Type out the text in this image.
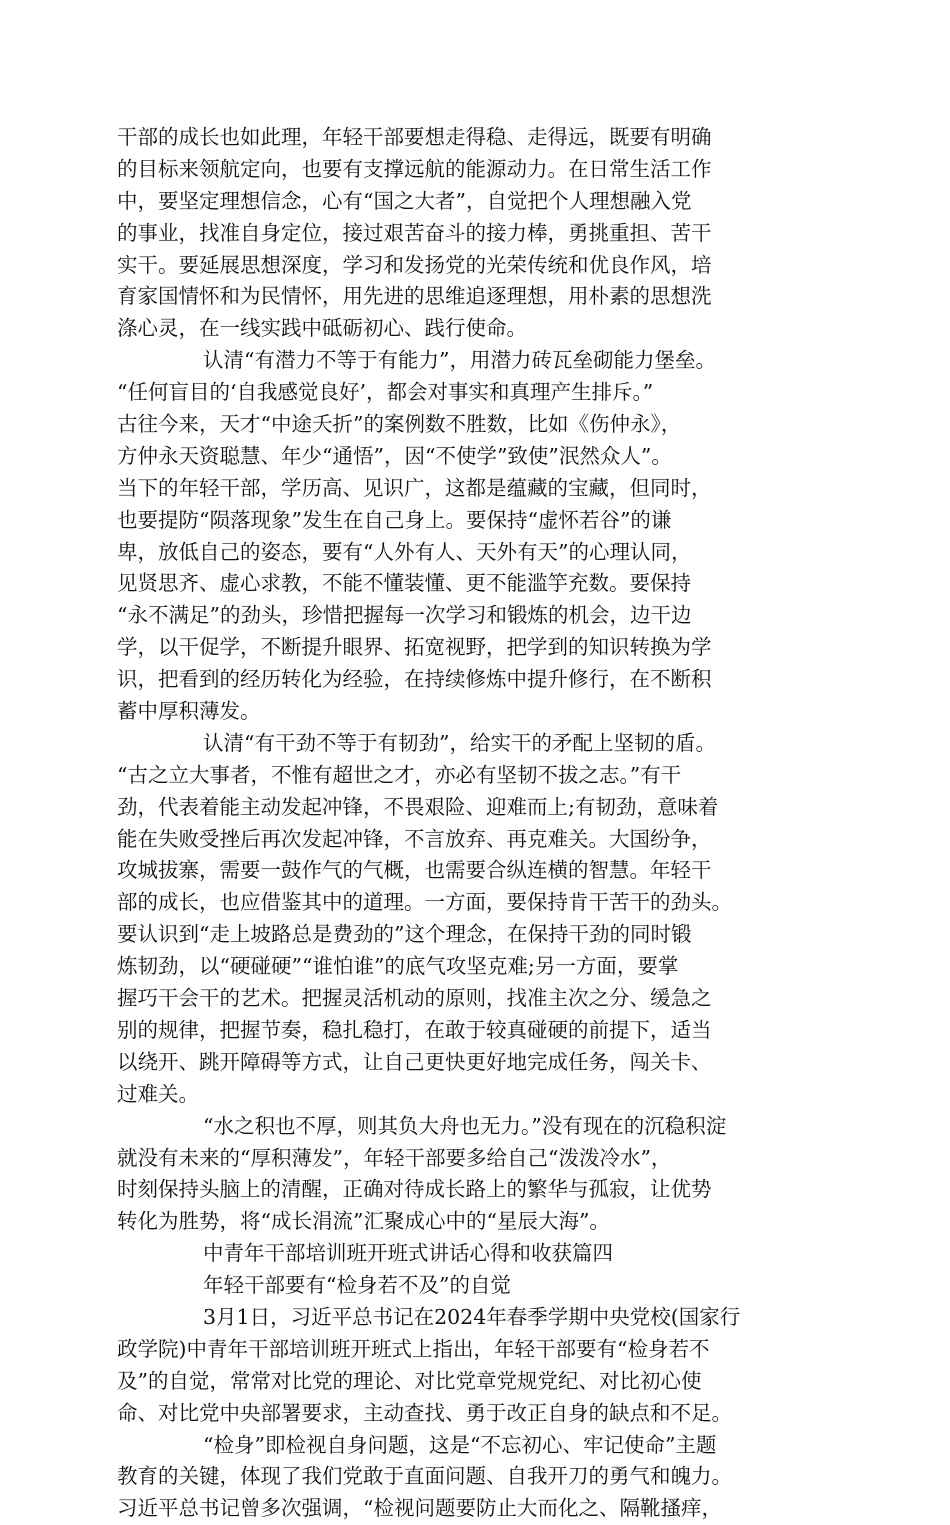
干部的成长也如此理，年轻干部要想走得稳、走得远，既要有明确
的目标来领航定向，也要有支撑远航的能源动力。在日常生活工作
中，要坚定理想信念，心有“国之大者”，自觉把个人理想融入党
的事业，找准自身定位，接过艰苦奋斗的接力棒，勇挑重担、苦干
实干。要延展思想深度，学习和发扬党的光荣传统和优良作风，培
育家国情怀和为民情怀，用先进的思维追逐理想，用朴素的思想洗
涤心灵，在一线实践中砥砺初心、践行使命。
认清“有潜力不等于有能力”，用潜力砖瓦垒砌能力堡垒。
“任何盲目的‘自我感觉良好’，都会对事实和真理产生排斥。”
古往今来，天才“中途夭折”的案例数不胜数，比如《伤仲永》，
方仲永天资聪慧、年少“通悟”，因“不使学”致使”泯然众人”。
当下的年轻干部，学历高、见识广，这都是蕴藏的宝藏，但同时，
也要提防“陨落现象”发生在自己身上。要保持“虚怀若谷”的谦
卑，放低自己的姿态，要有“人外有人、天外有天”的心理认同，
见贤思齐、虚心求教，不能不懂装懂、更不能滥竽充数。要保持
“永不满足”的劲头，珍惜把握每一次学习和锻炼的机会，边干边
学，以干促学，不断提升眼界、拓宽视野，把学到的知识转换为学
识，把看到的经历转化为经验，在持续修炼中提升修行，在不断积
蓄中厚积薄发。
认清“有干劲不等于有韧劲”，给实干的矛配上坚韧的盾。
“古之立大事者，不惟有超世之才，亦必有坚韧不拔之志。”有干
劲，代表着能主动发起冲锋，不畏艰险、迎难而上;有韧劲，意味着
能在失败受挫后再次发起冲锋，不言放弃、再克难关。大国纷争，
攻城拔寨，需要一鼓作气的气概，也需要合纵连横的智慧。年轻干
部的成长，也应借鉴其中的道理。一方面，要保持肯干苦干的劲头。
要认识到“走上坡路总是费劲的”这个理念，在保持干劲的同时锻
炼韧劲，以“硬碰硬”“谁怕谁”的底气攻坚克难;另一方面，要掌
握巧干会干的艺术。把握灵活机动的原则，找准主次之分、缓急之
别的规律，把握节奏，稳扎稳打，在敢于较真碰硬的前提下，适当
以绕开、跳开障碍等方式，让自己更快更好地完成任务，闯关卡、
过难关。
“水之积也不厚，则其负大舟也无力。”没有现在的沉稳积淀
就没有未来的“厚积薄发”，年轻干部要多给自己“泼泼冷水”，
时刻保持头脑上的清醒，正确对待成长路上的繁华与孤寂，让优势
转化为胜势，将“成长涓流”汇聚成心中的“星辰大海”。
中青年干部培训班开班式讲话心得和收获篇四
年轻干部要有“检身若不及”的自觉
3月1日，习近平总书记在2024年春季学期中央党校(国家行
政学院)中青年干部培训班开班式上指出，年轻干部要有“检身若不
及”的自觉，常常对比党的理论、对比党章党规党纪、对比初心使
命、对比党中央部署要求，主动查找、勇于改正自身的缺点和不足。
“检身”即检视自身问题，这是“不忘初心、牢记使命”主题
教育的关键，体现了我们党敢于直面问题、自我开刀的勇气和魄力。
习近平总书记曾多次强调，“检视问题要防止大而化之、隔靴搔痒，
